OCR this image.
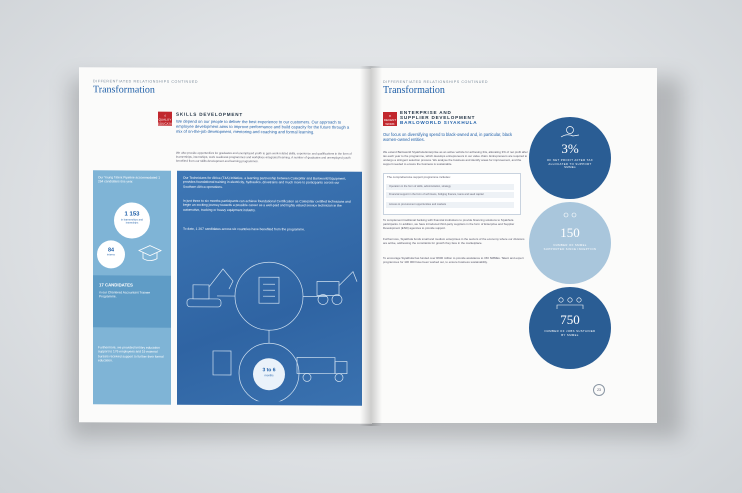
DIFFERENTIATED RELATIONSHIPS CONTINUED
Transformation
4 QUALITY EDUCATION
SKILLS DEVELOPMENT
We depend on our people to deliver the best experience to our customers. Our approach to employee development aims to improve performance and build capacity for the future through a mix of on-the-job development, mentoring and coaching and formal learning.
We also provide opportunities for graduates and unemployed youth to gain work-related skills, experience and qualifications in the form of learnerships, internships, work readiness programmes and workplace-integrated learning. A number of graduates and unemployed youth benefited from our skills development and learning programmes.
Our Young Talent Pipeline accommodated 1 264 candidates this year.
1 153
in learnerships and internships
84
interns
17 CANDIDATES
in our Chartered Accountant Trainee Programme.
Furthermore, we provided tertiary education support to 176 employees and 19 external bursars received support to further their formal education.
Our Technicians for Africa (T4A) initiative, a learning partnership between Caterpillar and Barloworld Equipment, provides foundational training in electricity, hydraulics, drivetrains and much more to participants across our Southern Africa operations.
In just three to six months participants can achieve foundational Certification as Caterpillar certified technicians and begin an exciting journey towards a possible career as a well-paid and highly valued service technician in the automotive, trucking or heavy equipment industry.
To date, 1 267 candidates across six countries have benefited from the programme.
3 to 6
months
DIFFERENTIATED RELATIONSHIPS CONTINUED
Transformation
8 DECENT WORK
ENTERPRISE AND
SUPPLIER DEVELOPMENT
BARLOWORLD SIYAKHULA
Our focus on diversifying spend to black-owned and, in particular, black women-owned entities.
We extend Barloworld Siyakhula Enterprise as an active vehicle for achieving this, allocating 3% of net profit after tax each year to the programme, which develops entrepreneurs in our value chain. Entrepreneurs are required to undergo a stringent selection process. We analyse the business and identify areas for improvement, and the support needed to ensure the business is sustainable.
The comprehensive support programme includes:
Operation in the form of skills, administration, strategy
Financial support in the form of soft loans, bridging finance, loans and seed capital
Access to procurement opportunities and markets
To complement traditional banking with financial institutions to provide financing solutions to Siyakhula participants. In addition, we have introduced third-party suppliers in the form of Enterprise and Supplier Development (ESD) agencies to provide support.
Furthermore, Siyakhula funds small and medium enterprises in the sectors of the economy where our divisions are active, addressing the constraints for growth they face in the marketplace.
To encourage Siyakhula has funded over R600 million to provide assistance to 150 SMMEs. Talent and expert programmes for 100 000 have been worked out, to ensure business sustainability.
3%
OF NET PROFIT AFTER TAX ALLOCATED TO SUPPORT SMMEs
150
NUMBER OF SMMEs SUPPORTED SINCE INCEPTION
750
NUMBER OF JOBS SUSTAINED BY SMMEs
23
